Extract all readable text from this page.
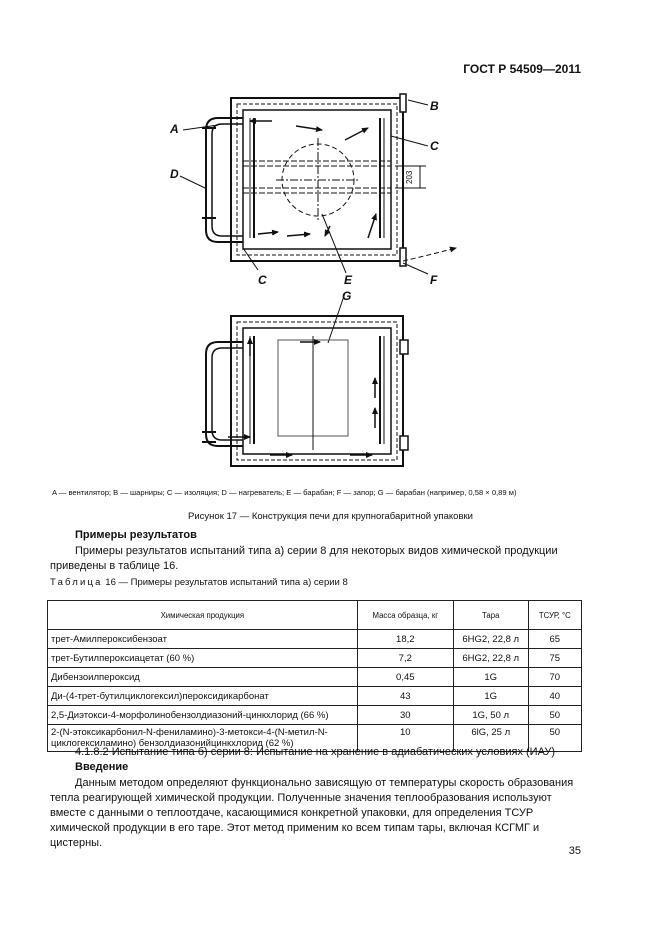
ГОСТ Р 54509—2011
A
B
C
D
C	E	F
G
203
A — вентилятор; B — шарниры; C — изоляция; D — нагреватель; E — барабан; F — запор; G — барабан (например, 0,58 × 0,89 м)
Рисунок 17 — Конструкция печи для крупногабаритной упаковки
Примеры результатов
Примеры результатов испытаний типа а) серии 8 для некоторых видов химической продукции приведены в таблице 16.
Таблица 16 — Примеры результатов испытаний типа а) серии 8
Химическая продукция	Масса образца, кг	Тара	ТСУР, °С
трет-Амилпероксибензоат	18,2	6HG2, 22,8 л	65
трет-Бутилпероксиацетат (60 %)	7,2	6HG2, 22,8 л	75
Дибензоилпероксид	0,45	1G	70
Ди-(4-трет-бутилциклогексил)пероксидикарбонат	43	1G	40
2,5-Диэтокси-4-морфолинобензолдиазоний-цинкхлорид (66 %)	30	1G, 50 л	50
2-(N-этоксикарбонил-N-фениламино)-3-метокси-4-(N-метил-N-циклогексиламино) бензолдиазонийцинкхлорид (62 %)	10	6lG, 25 л	50
4.1.8.2 Испытание типа б) серии 8: Испытание на хранение в адиабатических условиях (ИАУ)
Введение
Данным методом определяют функционально зависящую от температуры скорость образования тепла реагирующей химической продукции. Полученные значения теплообразования используют вместе с данными о теплоотдаче, касающимися конкретной упаковки, для определения ТСУР химической продукции в его таре. Этот метод применим ко всем типам тары, включая КСГМГ и цистерны.
35
